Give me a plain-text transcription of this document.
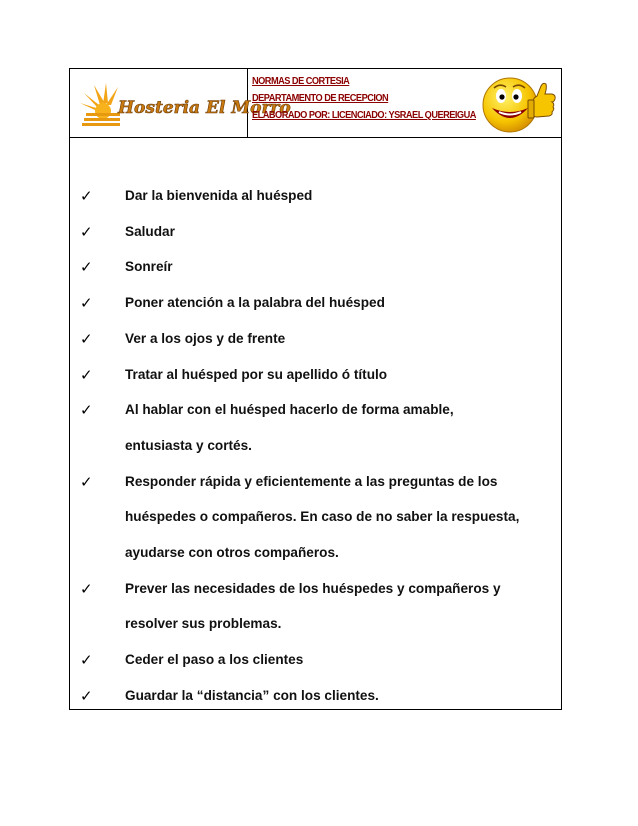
Hosteria El Morro
NORMAS DE CORTESIA
DEPARTAMENTO DE RECEPCION
ELABORADO POR: LICENCIADO: YSRAEL QUEREIGUA
✓ Dar la bienvenida al huésped
✓ Saludar
✓ Sonreír
✓ Poner atención a la palabra del huésped
✓ Ver a los ojos y de frente
✓ Tratar al huésped por su apellido ó título
✓ Al hablar con el huésped hacerlo de forma amable,
entusiasta y cortés.
✓ Responder rápida y eficientemente a las preguntas de los
huéspedes o compañeros. En caso de no saber la respuesta,
ayudarse con otros compañeros.
✓ Prever las necesidades de los huéspedes y compañeros y
resolver sus problemas.
✓ Ceder el paso a los clientes
✓ Guardar la “distancia” con los clientes.
